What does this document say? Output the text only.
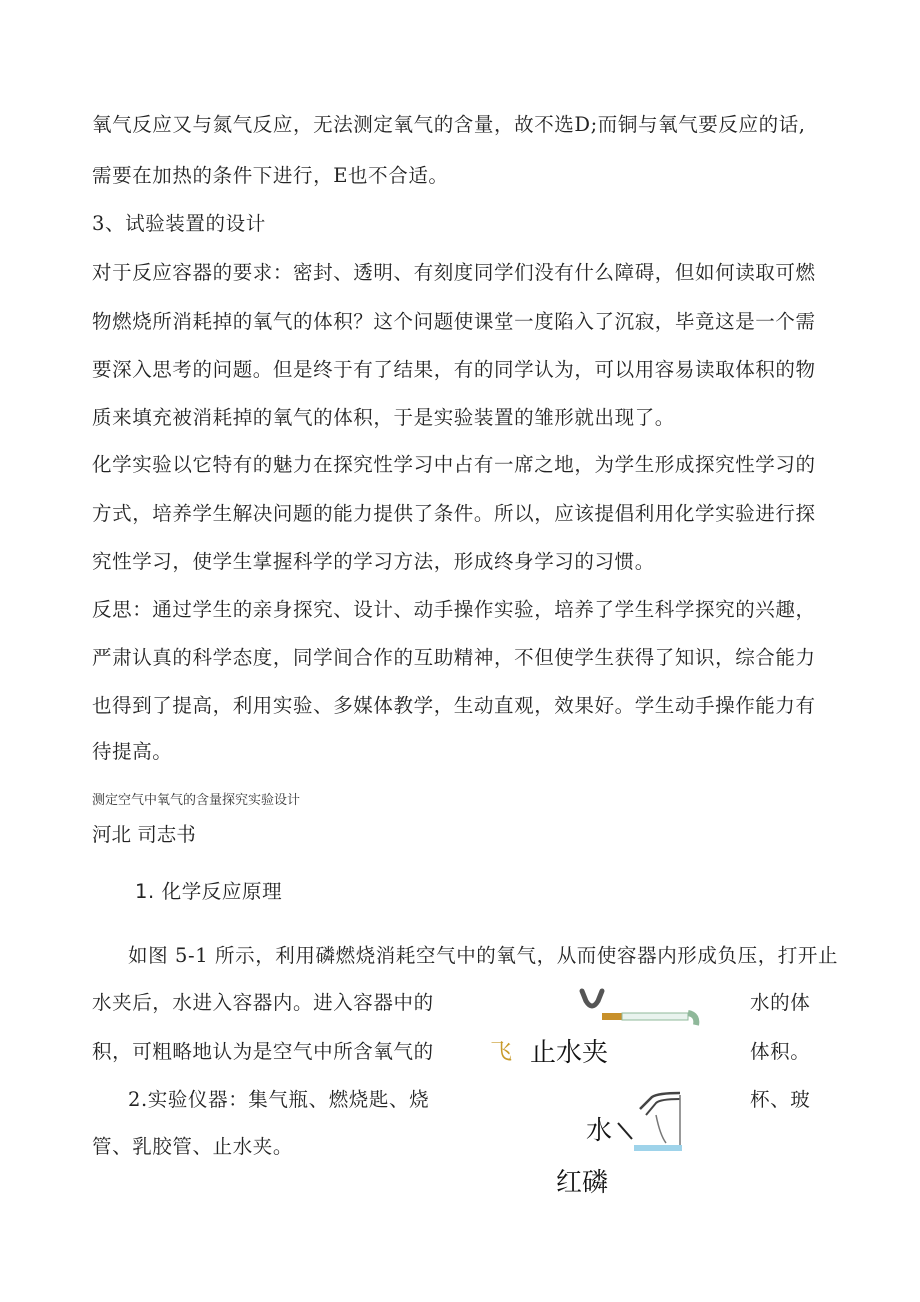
氧气反应又与氮气反应，无法测定氧气的含量，故不选D;而铜与氧气要反应的话,
需要在加热的条件下进行，E也不合适。
3、试验装置的设计
对于反应容器的要求：密封、透明、有刻度同学们没有什么障碍，但如何读取可燃
物燃烧所消耗掉的氧气的体积？这个问题使课堂一度陷入了沉寂，毕竟这是一个需
要深入思考的问题。但是终于有了结果，有的同学认为，可以用容易读取体积的物
质来填充被消耗掉的氧气的体积，于是实验装置的雏形就出现了。
化学实验以它特有的魅力在探究性学习中占有一席之地，为学生形成探究性学习的
方式，培养学生解决问题的能力提供了条件。所以，应该提倡利用化学实验进行探
究性学习，使学生掌握科学的学习方法，形成终身学习的习惯。
反思：通过学生的亲身探究、设计、动手操作实验，培养了学生科学探究的兴趣，
严肃认真的科学态度，同学间合作的互助精神，不但使学生获得了知识，综合能力
也得到了提高，利用实验、多媒体教学，生动直观，效果好。学生动手操作能力有
待提高。
测定空气中氧气的含量探究实验设计
河北 司志书
1. 化学反应原理
如图 5-1 所示，利用磷燃烧消耗空气中的氧气，从而使容器内形成负压，打开止
水夹后，水进入容器内。进入容器中的	水的体
积，可粗略地认为是空气中所含氧气的	体积。
2.实验仪器：集气瓶、燃烧匙、烧	杯、玻
管、乳胶管、止水夹。
飞 止水夹
水
红磷
